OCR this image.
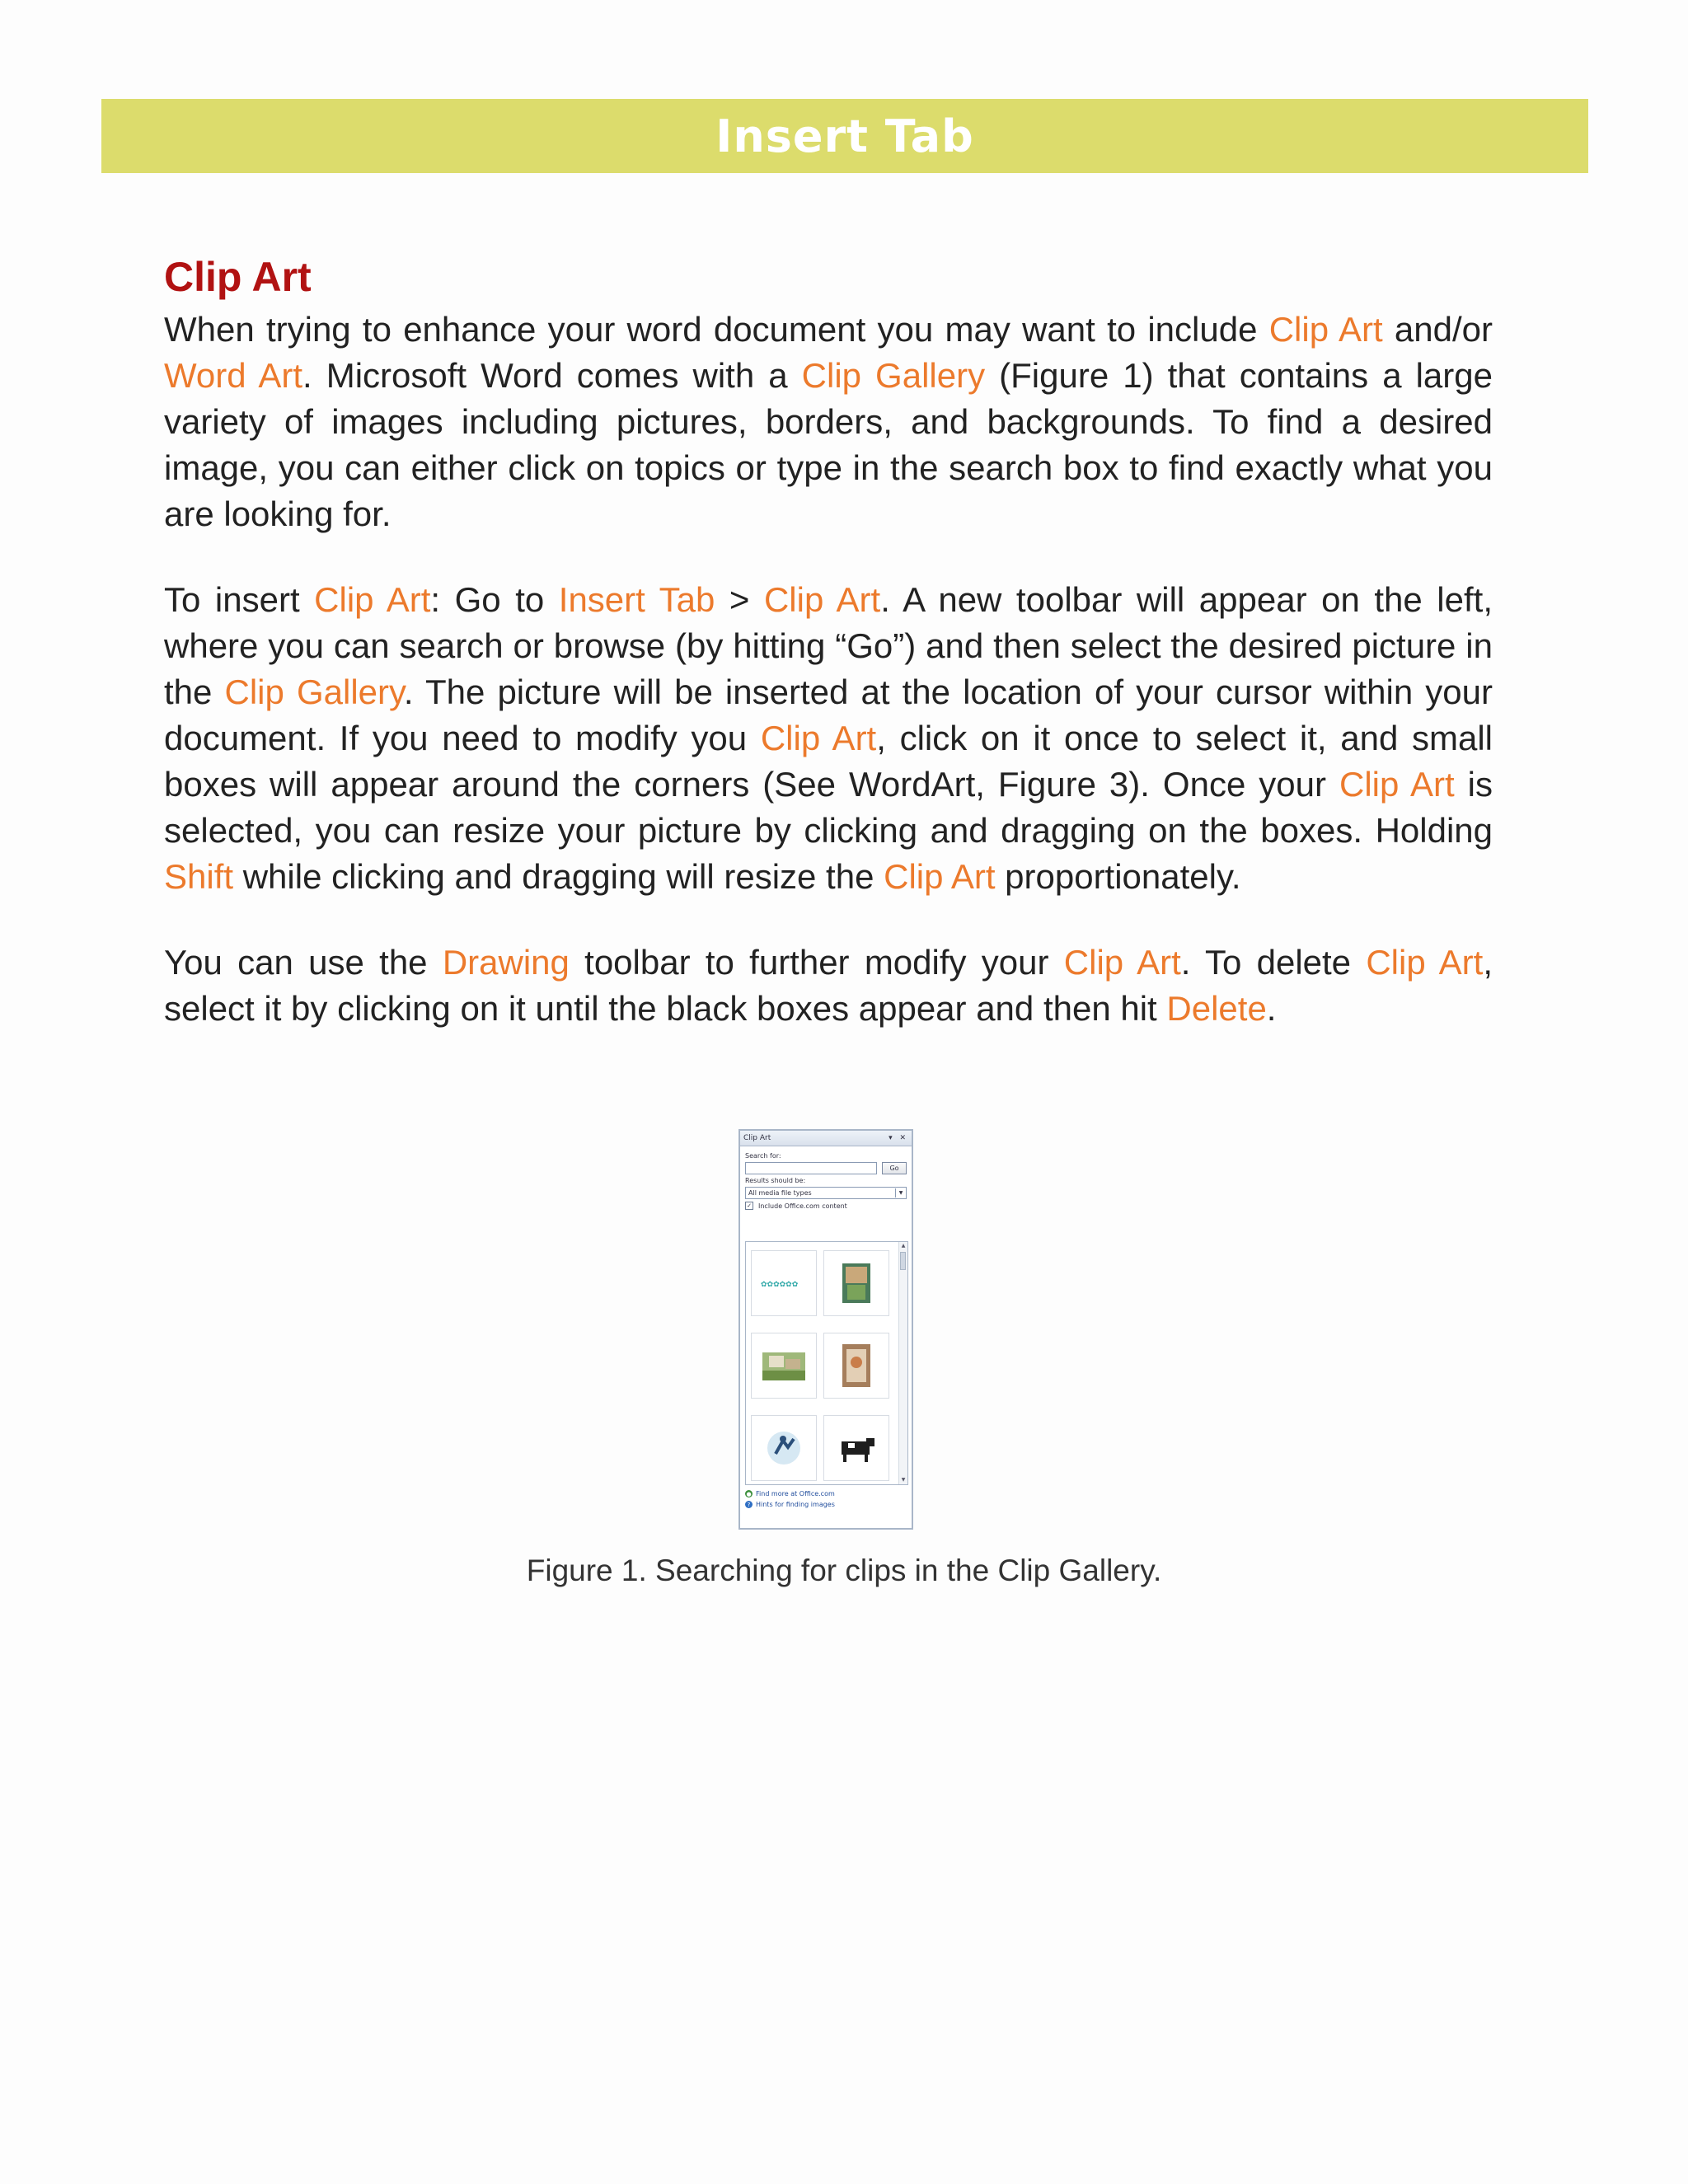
Insert Tab
Clip Art

When trying to enhance your word document you may want to include Clip Art and/or Word Art. Microsoft Word comes with a Clip Gallery (Figure 1) that contains a large variety of images including pictures, borders, and backgrounds. To find a desired image, you can either click on topics or type in the search box to find exactly what you are looking for.

To insert Clip Art: Go to Insert Tab > Clip Art. A new toolbar will appear on the left, where you can search or browse (by hitting “Go”) and then select the desired picture in the Clip Gallery. The picture will be inserted at the location of your cursor within your document. If you need to modify you Clip Art, click on it once to select it, and small boxes will appear around the corners (See WordArt, Figure 3). Once your Clip Art is selected, you can resize your picture by clicking and dragging on the boxes. Holding Shift while clicking and dragging will resize the Clip Art proportionately.

You can use the Drawing toolbar to further modify your Clip Art. To delete Clip Art, select it by clicking on it until the black boxes appear and then hit Delete.

Clip Art	▾ ✕
Search for:
Go
Results should be:
All media file types	▼
✓ Include Office.com content
✿✿✿✿✿✿
▲
▼
● Find more at Office.com
? Hints for finding images
Figure 1. Searching for clips in the Clip Gallery.
